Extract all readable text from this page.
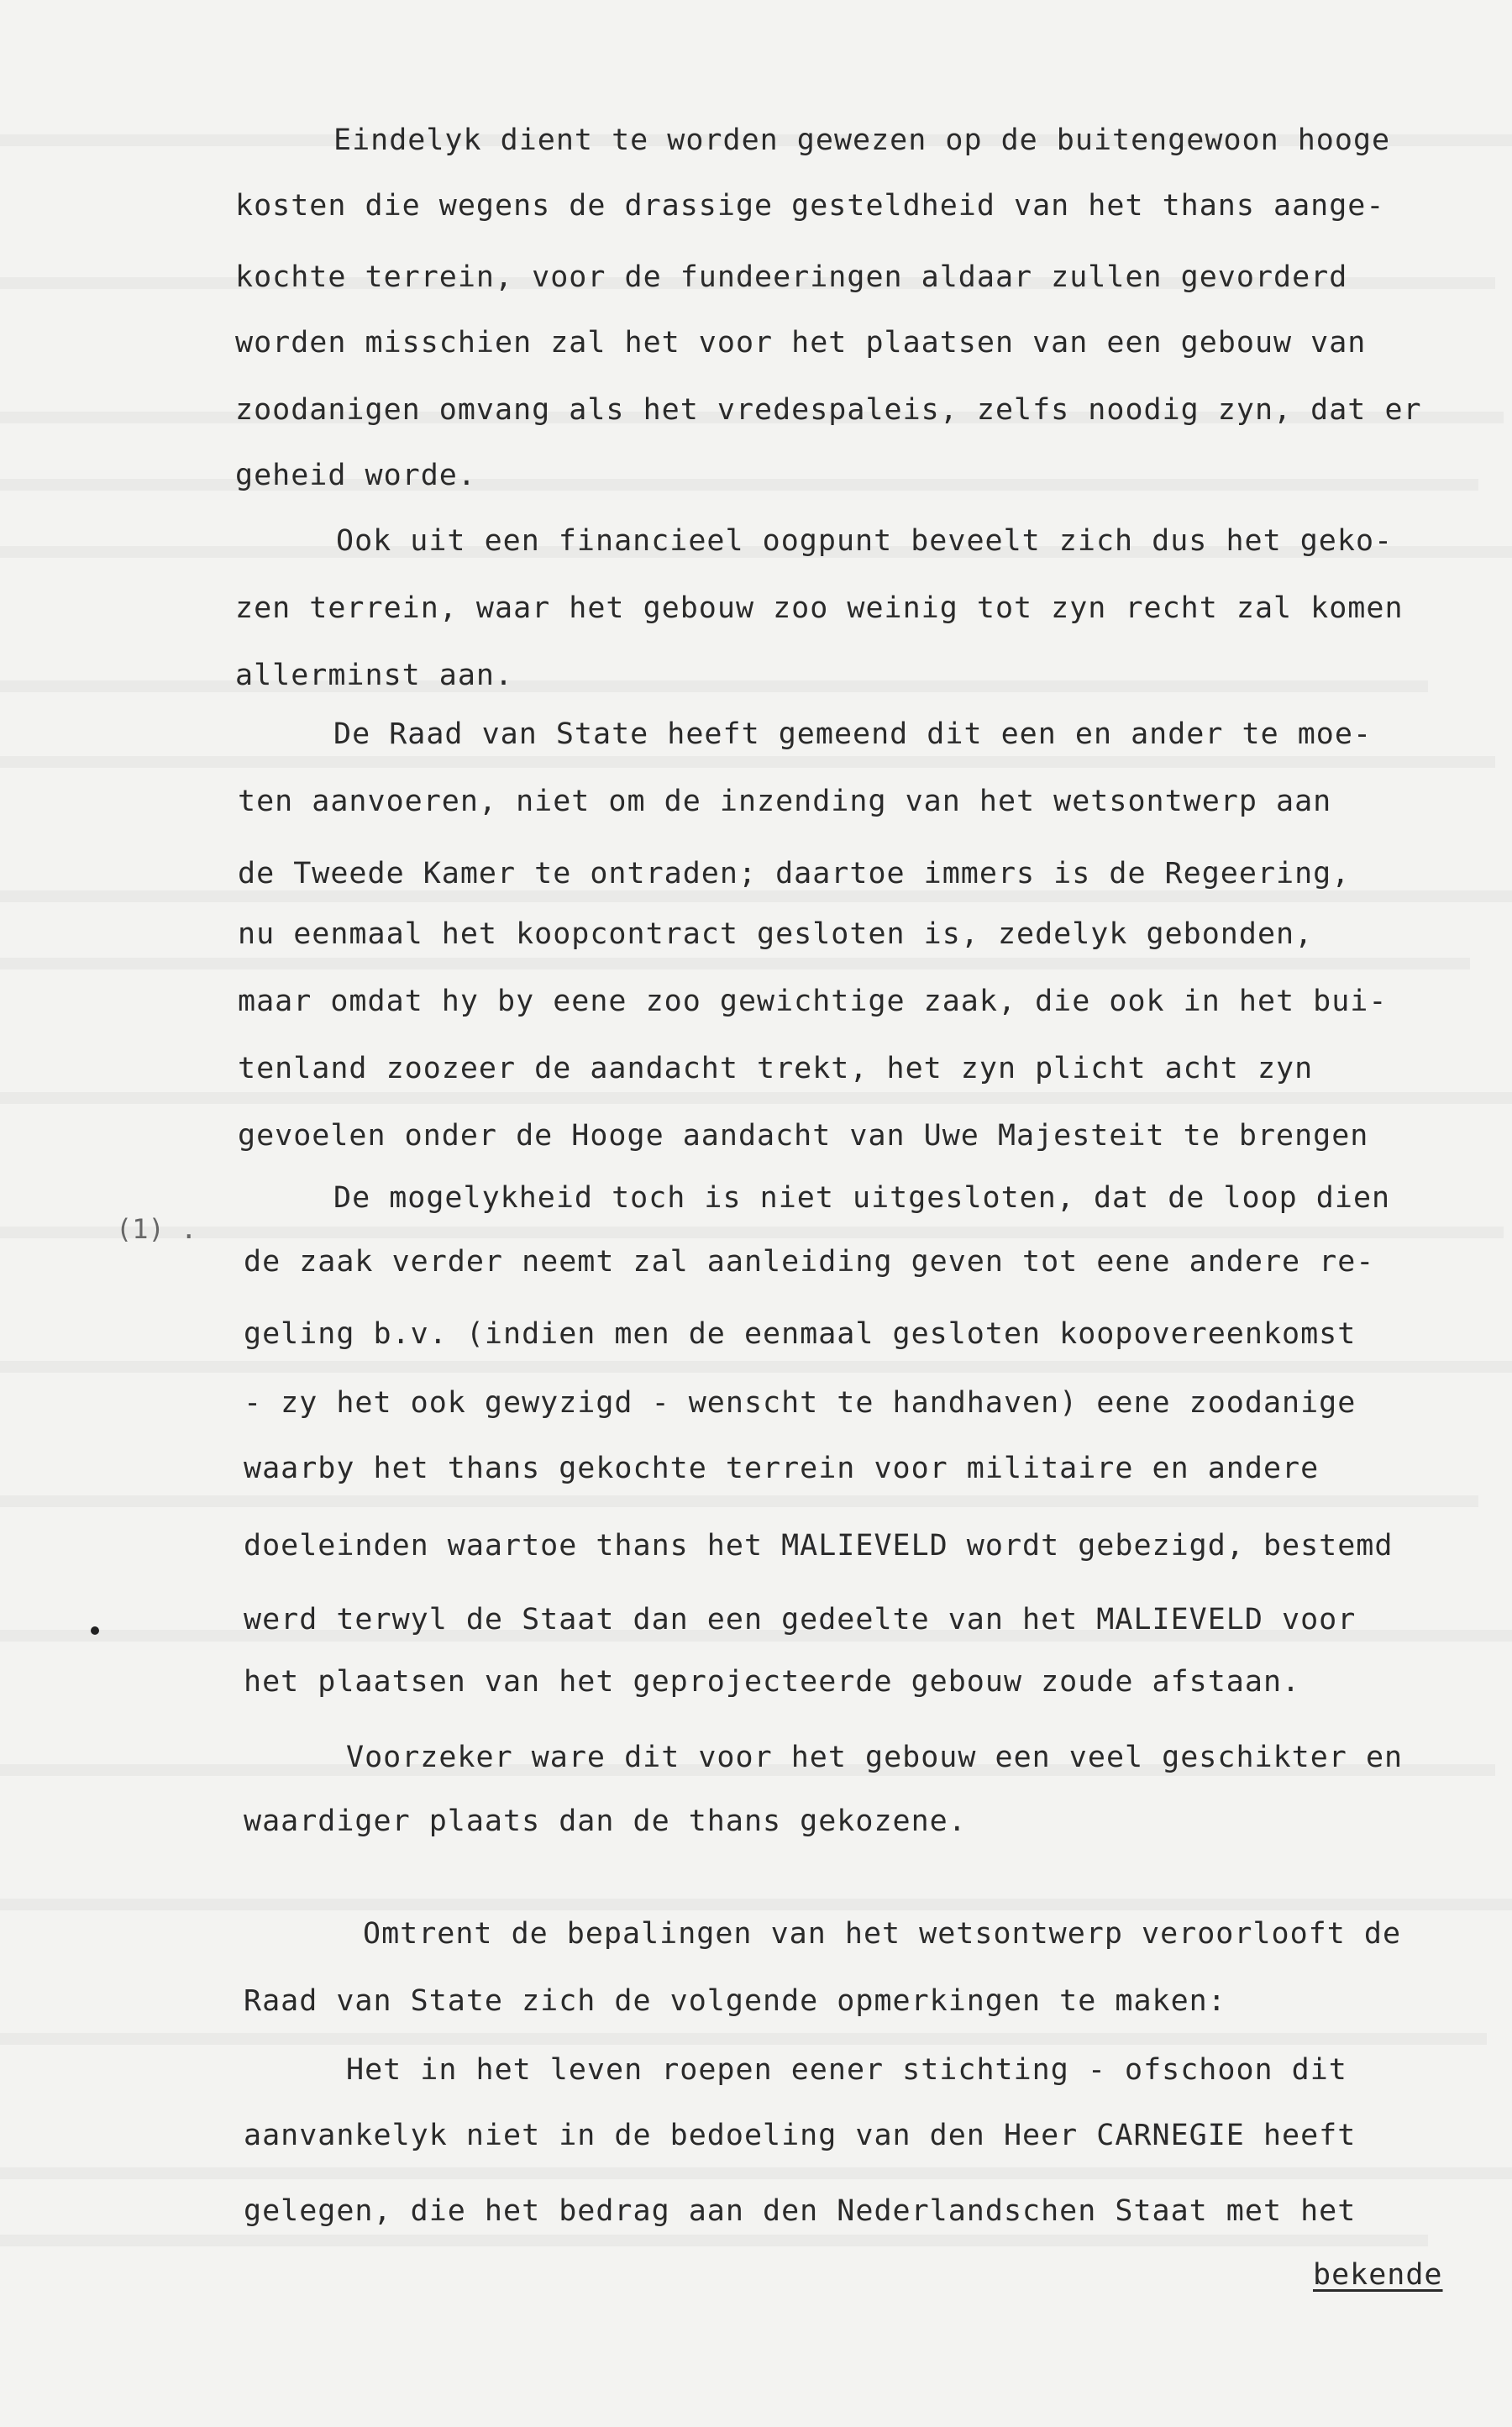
Eindelyk dient te worden gewezen op de buitengewoon hooge
kosten die wegens de drassige gesteldheid van het thans aange-
kochte terrein, voor de fundeeringen aldaar zullen gevorderd
worden misschien zal het voor het plaatsen van een gebouw van
zoodanigen omvang als het vredespaleis, zelfs noodig zyn, dat er
geheid worde.
Ook uit een financieel oogpunt beveelt zich dus het geko-
zen terrein, waar het gebouw zoo weinig tot zyn recht zal komen
allerminst aan.
De Raad van State heeft gemeend dit een en ander te moe-
ten aanvoeren, niet om de inzending van het wetsontwerp aan
de Tweede Kamer te ontraden; daartoe immers is de Regeering,
nu eenmaal het koopcontract gesloten is, zedelyk gebonden,
maar omdat hy by eene zoo gewichtige zaak, die ook in het bui-
tenland zoozeer de aandacht trekt, het zyn plicht acht zyn
gevoelen onder de Hooge aandacht van Uwe Majesteit te brengen
De mogelykheid toch is niet uitgesloten, dat de loop dien
de zaak verder neemt zal aanleiding geven tot eene andere re-
geling b.v. (indien men de eenmaal gesloten koopovereenkomst
- zy het ook gewyzigd - wenscht te handhaven) eene zoodanige
waarby het thans gekochte terrein voor militaire en andere
doeleinden waartoe thans het MALIEVELD wordt gebezigd, bestemd
werd terwyl de Staat dan een gedeelte van het MALIEVELD voor
het plaatsen van het geprojecteerde gebouw zoude afstaan.
Voorzeker ware dit voor het gebouw een veel geschikter en
waardiger plaats dan de thans gekozene.
Omtrent de bepalingen van het wetsontwerp veroorlooft de
Raad van State zich de volgende opmerkingen te maken:
Het in het leven roepen eener stichting - ofschoon dit
aanvankelyk niet in de bedoeling van den Heer CARNEGIE heeft
gelegen, die het bedrag aan den Nederlandschen Staat met het
bekende
(1) .
